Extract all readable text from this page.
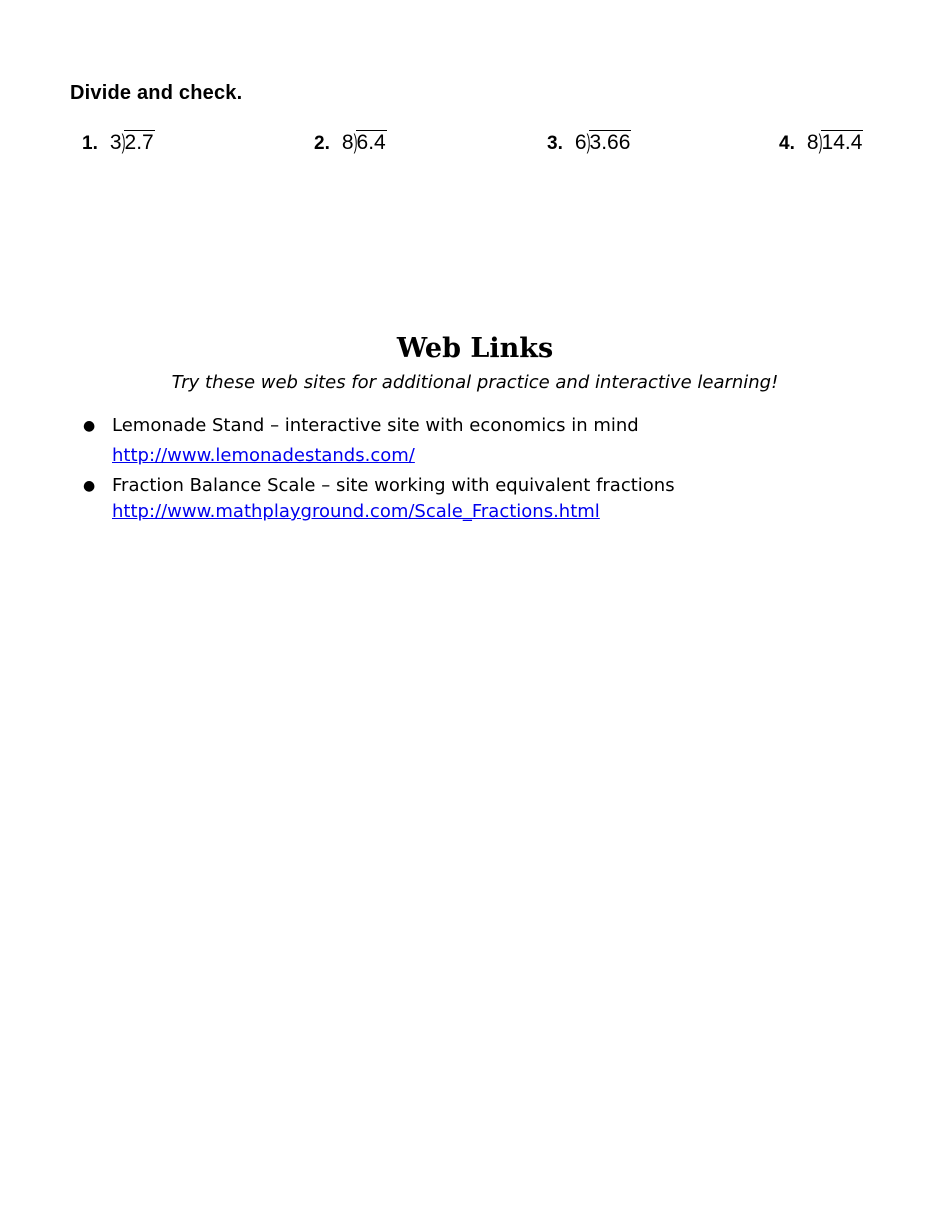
Divide and check.
1. 3 ) 2.7	2. 8 ) 6.4	3. 6 ) 3.66	4. 8 ) 14.4
Web Links
Try these web sites for additional practice and interactive learning!
● Lemonade Stand – interactive site with economics in mind
http://www.lemonadestands.com/
● Fraction Balance Scale – site working with equivalent fractions
http://www.mathplayground.com/Scale_Fractions.html
